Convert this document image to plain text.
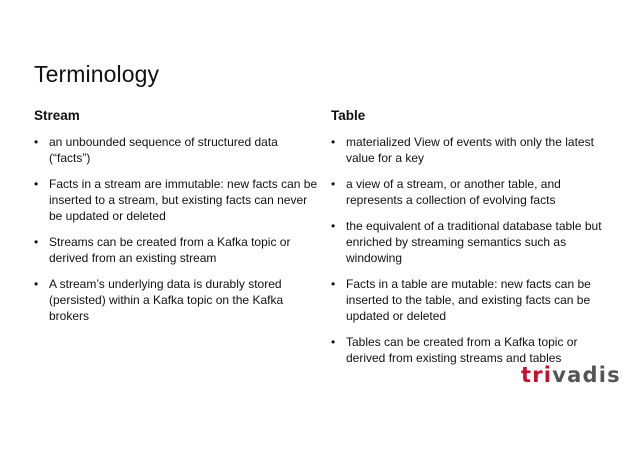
Terminology
Stream
• an unbounded sequence of structured data (“facts”)
• Facts in a stream are immutable: new facts can be inserted to a stream, but existing facts can never be updated or deleted
• Streams can be created from a Kafka topic or derived from an existing stream
• A stream’s underlying data is durably stored (persisted) within a Kafka topic on the Kafka brokers
Table
• materialized View of events with only the latest value for a key
• a view of a stream, or another table, and represents a collection of evolving facts
• the equivalent of a traditional database table but enriched by streaming semantics such as windowing
• Facts in a table are mutable: new facts can be inserted to the table, and existing facts can be updated or deleted
• Tables can be created from a Kafka topic or derived from existing streams and tables
trivadis
